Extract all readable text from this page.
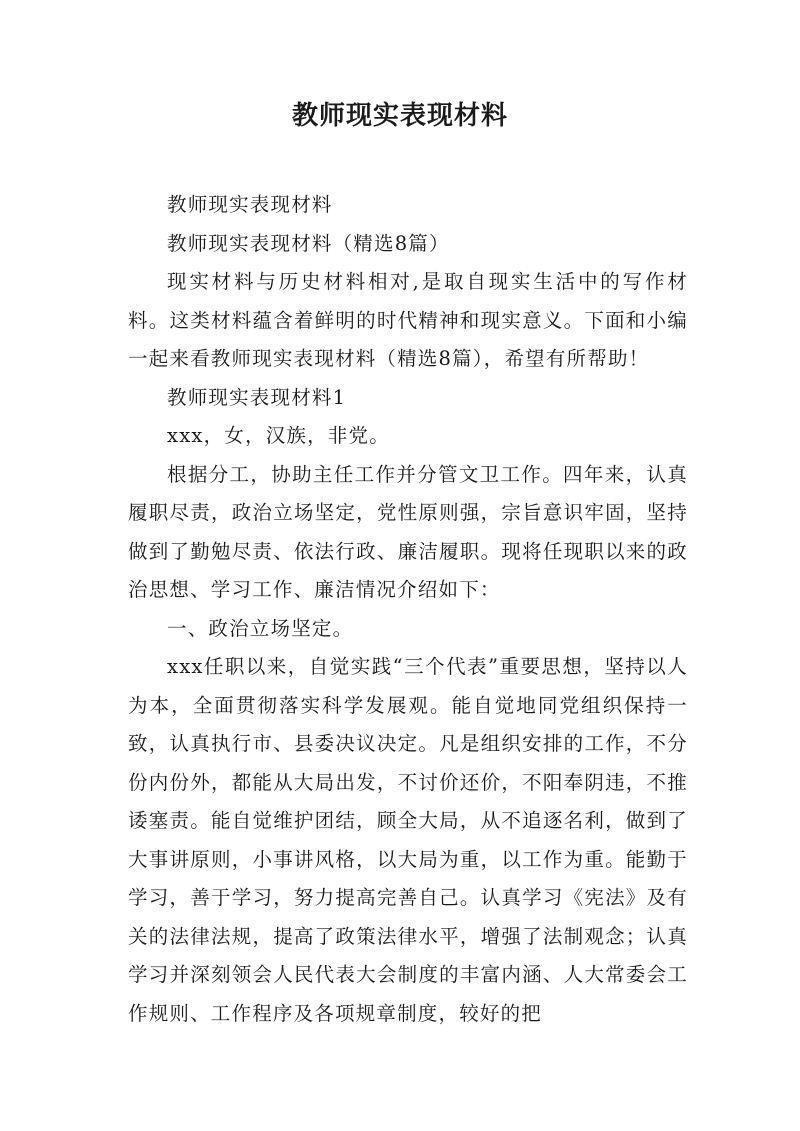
教师现实表现材料

教师现实表现材料

教师现实表现材料（精选8篇）

现实材料与历史材料相对,是取自现实生活中的写作材料。这类材料蕴含着鲜明的时代精神和现实意义。下面和小编一起来看教师现实表现材料（精选8篇），希望有所帮助！

教师现实表现材料1

xxx，女，汉族，非党。

根据分工，协助主任工作并分管文卫工作。四年来，认真履职尽责，政治立场坚定，党性原则强，宗旨意识牢固，坚持做到了勤勉尽责、依法行政、廉洁履职。现将任现职以来的政治思想、学习工作、廉洁情况介绍如下：

一、政治立场坚定。

xxx任职以来，自觉实践“三个代表”重要思想，坚持以人为本，全面贯彻落实科学发展观。能自觉地同党组织保持一致，认真执行市、县委决议决定。凡是组织安排的工作，不分份内份外，都能从大局出发，不讨价还价，不阳奉阴违，不推诿塞责。能自觉维护团结，顾全大局，从不追逐名利，做到了大事讲原则，小事讲风格，以大局为重，以工作为重。能勤于学习，善于学习，努力提高完善自己。认真学习《宪法》及有关的法律法规，提高了政策法律水平，增强了法制观念；认真学习并深刻领会人民代表大会制度的丰富内涵、人大常委会工作规则、工作程序及各项规章制度，较好的把
